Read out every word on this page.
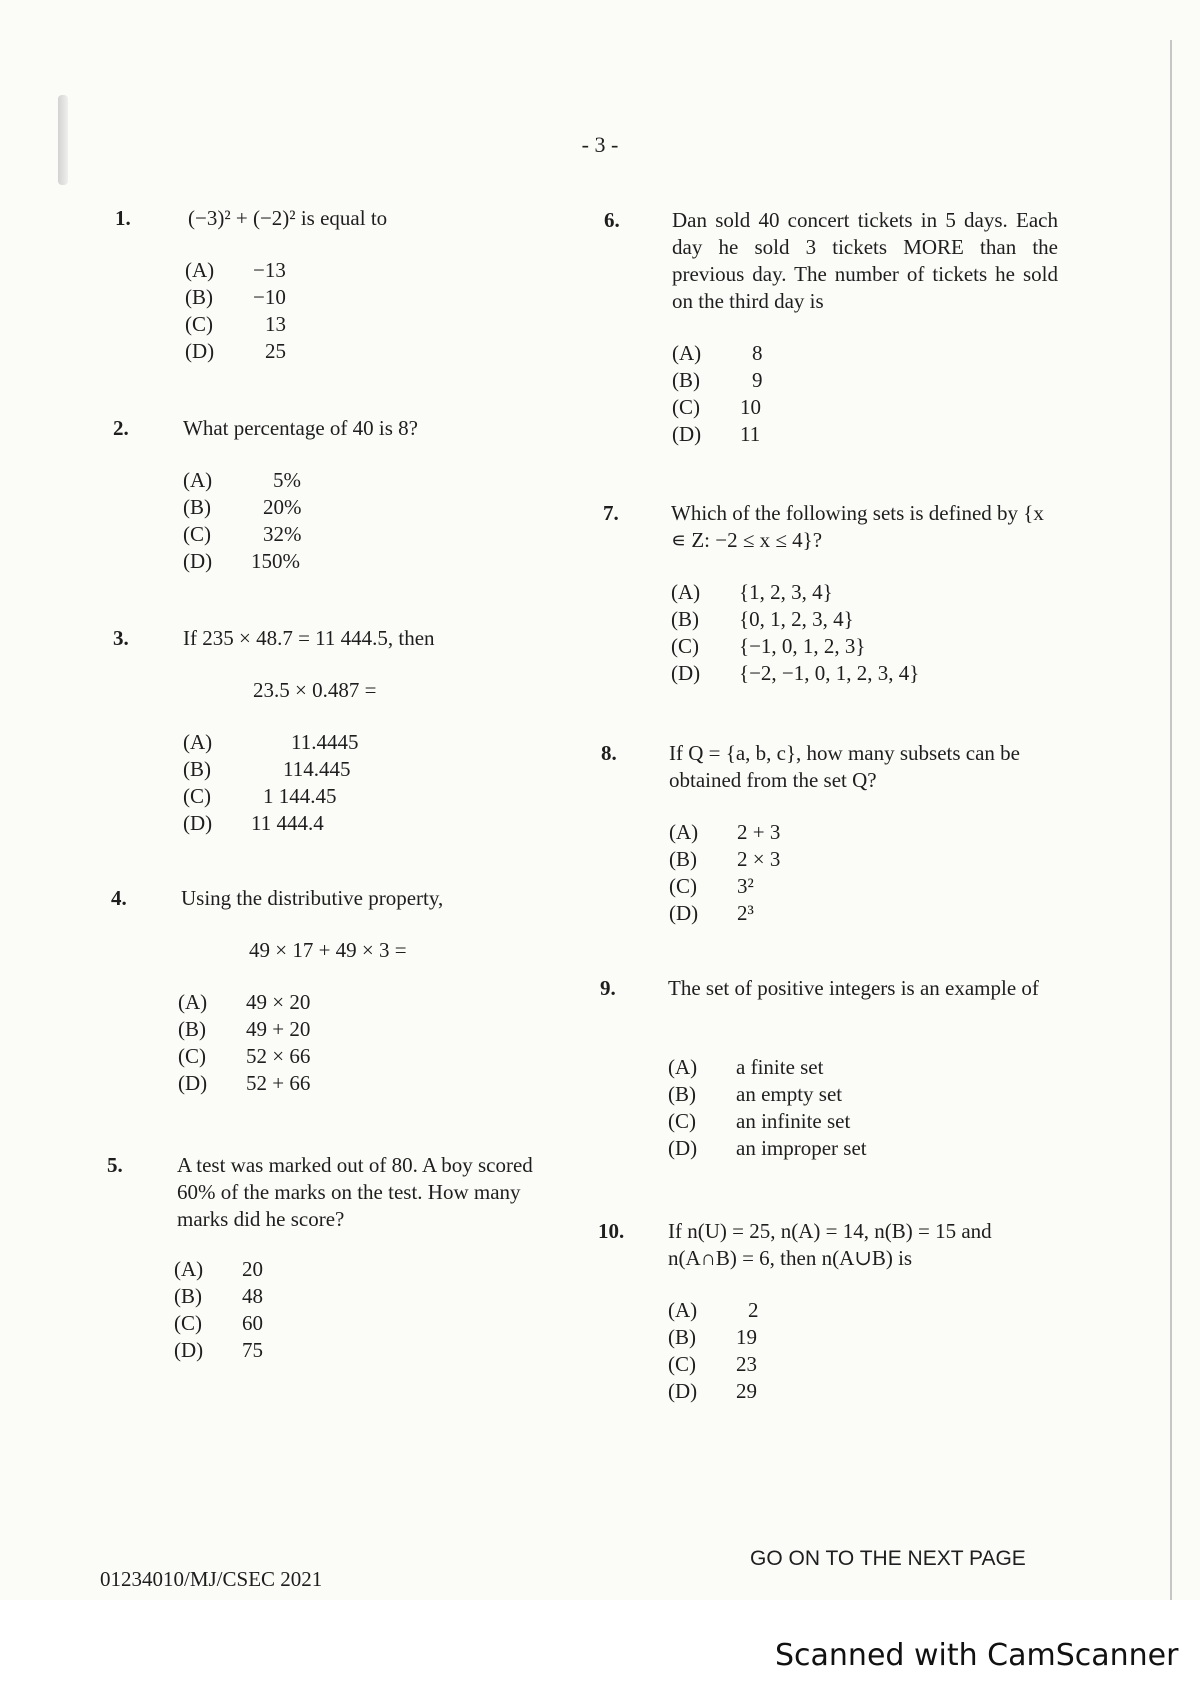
- 3 -
1.	(−3)² + (−2)² is equal to
(A) −13
(B) −10
(C) 13
(D) 25
2.	What percentage of 40 is 8?
(A)	5%
(B) 20%
(C) 32%
(D) 150%
3.	If 235 × 48.7 = 11 444.5, then
23.5 × 0.487 =
(A)	11.4445
(B)	114.445
(C) 1 144.45
(D) 11 444.4
4.	Using the distributive property,
49 × 17 + 49 × 3 =
(A) 49 × 20
(B) 49 + 20
(C) 52 × 66
(D) 52 + 66
5.	A test was marked out of 80. A boy scored 60% of the marks on the test. How many marks did he score?
(A) 20
(B) 48
(C) 60
(D) 75
6. Dan sold 40 concert tickets in 5 days. Each day he sold 3 tickets MORE than the previous day. The number of tickets he sold on the third day is
(A) 8
(B) 9
(C) 10
(D) 11
7. Which of the following sets is defined by {x ∊ Z: −2 ≤ x ≤ 4}?
(A) {1, 2, 3, 4}
(B) {0, 1, 2, 3, 4}
(C) {−1, 0, 1, 2, 3}
(D) {−2, −1, 0, 1, 2, 3, 4}
8. If Q = {a, b, c}, how many subsets can be obtained from the set Q?
(A) 2 + 3
(B) 2 × 3
(C) 3²
(D) 2³
9. The set of positive integers is an example of
(A) a finite set
(B) an empty set
(C) an infinite set
(D) an improper set
10. If n(U) = 25, n(A) = 14, n(B) = 15 and n(A∩B) = 6, then n(A∪B) is
(A) 2
(B) 19
(C) 23
(D) 29
01234010/MJ/CSEC 2021
GO ON TO THE NEXT PAGE
Scanned with CamScanner
